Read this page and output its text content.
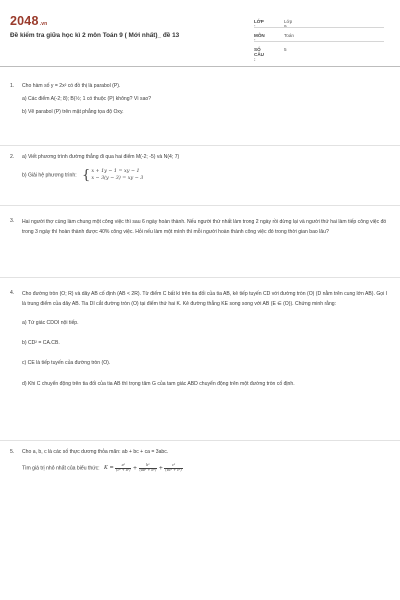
2048.vn
Đề kiểm tra giữa học kì 2 môn Toán 9 ( Mới nhất)_ đề 13
LỚP :
Lớp 9
MÔN :
Toán
SỐ CÂU :
5
1.	Cho hàm số y = 2x² có đồ thị là parabol (P).

a) Các điểm A(-2; 8); B(½; 1 có thuộc (P) không? Vì sao?

b) Vẽ parabol (P) trên mặt phẳng tọa độ Oxy.

2.	a) Viết phương trình đường thẳng đi qua hai điểm M(-2; -5) và N(4; 7)

b) Giải hệ phương trình: { x + 1y − 1 = xy − 1
x − 3(y − 3) = xy − 3
3.	Hai người thợ cùng làm chung một công việc thì sau 6 ngày hoàn thành. Nếu người thứ nhất làm trong 2 ngày rồi dừng lại và người thứ hai làm tiếp công việc đó trong 3 ngày thì hoàn thành được 40% công việc. Hỏi nếu làm một mình thì mỗi người hoàn thành công việc đó trong thời gian bao lâu?

4.	Cho đường tròn (O; R) và dây AB cố định (AB < 2R). Từ điểm C bất kì trên tia đối của tia AB, kẻ tiếp tuyến CD với đường tròn (O) (D nằm trên cung lớn AB). Gọi I là trung điểm của dây AB. Tia DI cắt đường tròn (O) tại điểm thứ hai K. Kẻ đường thẳng KE song song với AB (E ∈ (O)). Chứng minh rằng:

a) Tứ giác CDOI nội tiếp.

b) CD² = CA.CB.

c) CE là tiếp tuyến của đường tròn (O).

d) Khi C chuyển động trên tia đối của tia AB thì trọng tâm G của tam giác ABD chuyển động trên một đường tròn cố định.

5.	Cho a, b, c là các số thực dương thỏa mãn: ab + bc + ca = 3abc.

Tìm giá trị nhỏ nhất của biểu thức: $K = \frac{\text{a²}}{\text{(c² + a²)}} + \frac{\text{b²}}{\text{(ab² + b²)}} + \frac{\text{c²}}{\text{(bc² + c²)}}$
